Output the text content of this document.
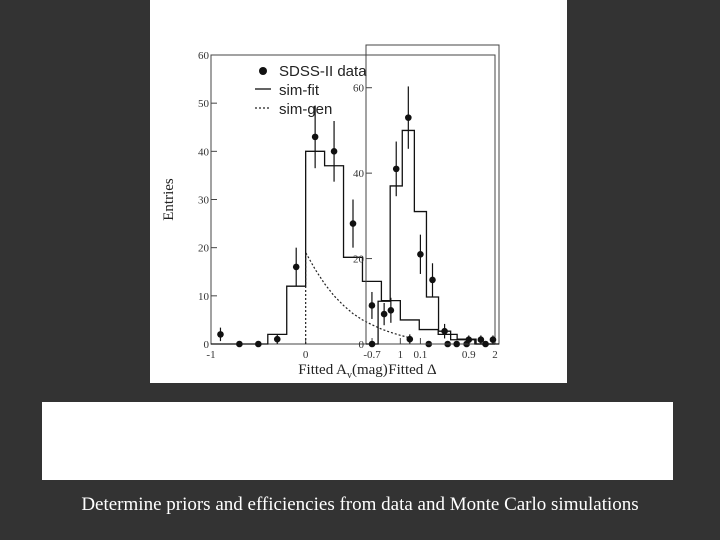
0
10
20
30
40
50
60
-1	0	1	2
Fitted $A_v(mag)$
Entries
SDSS-II data
sim-fit
sim-gen
0
20
40
60
-0.7	0.1	0.9
Fitted Δ
Determine priors and efficiencies from data and Monte Carlo simulations
